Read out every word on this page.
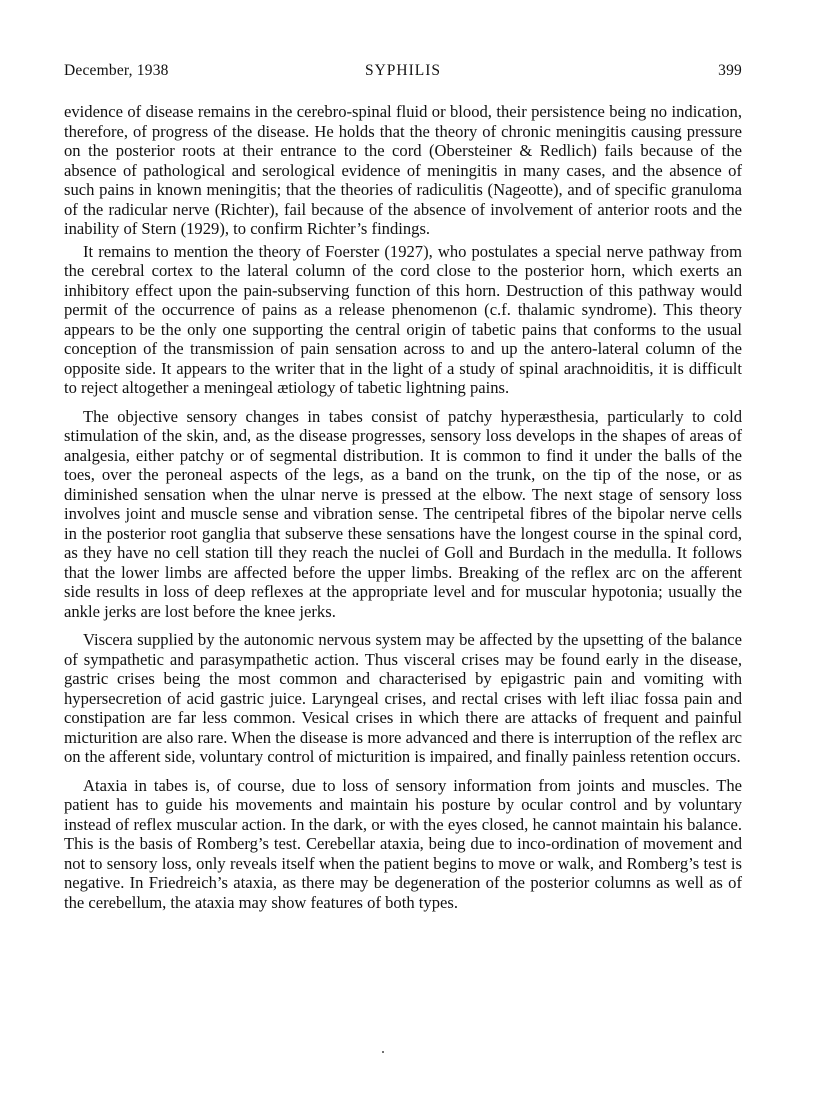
December, 1938	SYPHILIS	399

evidence of disease remains in the cerebro-spinal fluid or blood, their persistence being no indication, therefore, of progress of the disease. He holds that the theory of chronic meningitis causing pressure on the posterior roots at their entrance to the cord (Obersteiner & Redlich) fails because of the absence of pathological and serological evidence of meningitis in many cases, and the absence of such pains in known meningitis; that the theories of radiculitis (Nageotte), and of specific granuloma of the radicular nerve (Richter), fail because of the absence of involvement of anterior roots and the inability of Stern (1929), to confirm Richter’s findings.

It remains to mention the theory of Foerster (1927), who postulates a special nerve pathway from the cerebral cortex to the lateral column of the cord close to the posterior horn, which exerts an inhibitory effect upon the pain-subserving function of this horn. Destruction of this pathway would permit of the occurrence of pains as a release phenomenon (c.f. thalamic syndrome). This theory appears to be the only one supporting the central origin of tabetic pains that conforms to the usual conception of the transmission of pain sensation across to and up the antero-lateral column of the opposite side. It appears to the writer that in the light of a study of spinal arachnoiditis, it is difficult to reject altogether a meningeal ætiology of tabetic lightning pains.

The objective sensory changes in tabes consist of patchy hyperæsthesia, particularly to cold stimulation of the skin, and, as the disease progresses, sensory loss develops in the shapes of areas of analgesia, either patchy or of segmental distribution. It is common to find it under the balls of the toes, over the peroneal aspects of the legs, as a band on the trunk, on the tip of the nose, or as diminished sensation when the ulnar nerve is pressed at the elbow. The next stage of sensory loss involves joint and muscle sense and vibration sense. The centripetal fibres of the bipolar nerve cells in the posterior root ganglia that subserve these sensations have the longest course in the spinal cord, as they have no cell station till they reach the nuclei of Goll and Burdach in the medulla. It follows that the lower limbs are affected before the upper limbs. Breaking of the reflex arc on the afferent side results in loss of deep reflexes at the appropriate level and for muscular hypotonia; usually the ankle jerks are lost before the knee jerks.

Viscera supplied by the autonomic nervous system may be affected by the upsetting of the balance of sympathetic and parasympathetic action. Thus visceral crises may be found early in the disease, gastric crises being the most common and characterised by epigastric pain and vomiting with hypersecretion of acid gastric juice. Laryngeal crises, and rectal crises with left iliac fossa pain and constipation are far less common. Vesical crises in which there are attacks of frequent and painful micturition are also rare. When the disease is more advanced and there is interruption of the reflex arc on the afferent side, voluntary control of micturition is impaired, and finally painless retention occurs.

Ataxia in tabes is, of course, due to loss of sensory information from joints and muscles. The patient has to guide his movements and maintain his posture by ocular control and by voluntary instead of reflex muscular action. In the dark, or with the eyes closed, he cannot maintain his balance. This is the basis of Romberg’s test. Cerebellar ataxia, being due to inco-ordination of movement and not to sensory loss, only reveals itself when the patient begins to move or walk, and Romberg’s test is negative. In Friedreich’s ataxia, as there may be degeneration of the posterior columns as well as of the cerebellum, the ataxia may show features of both types.
